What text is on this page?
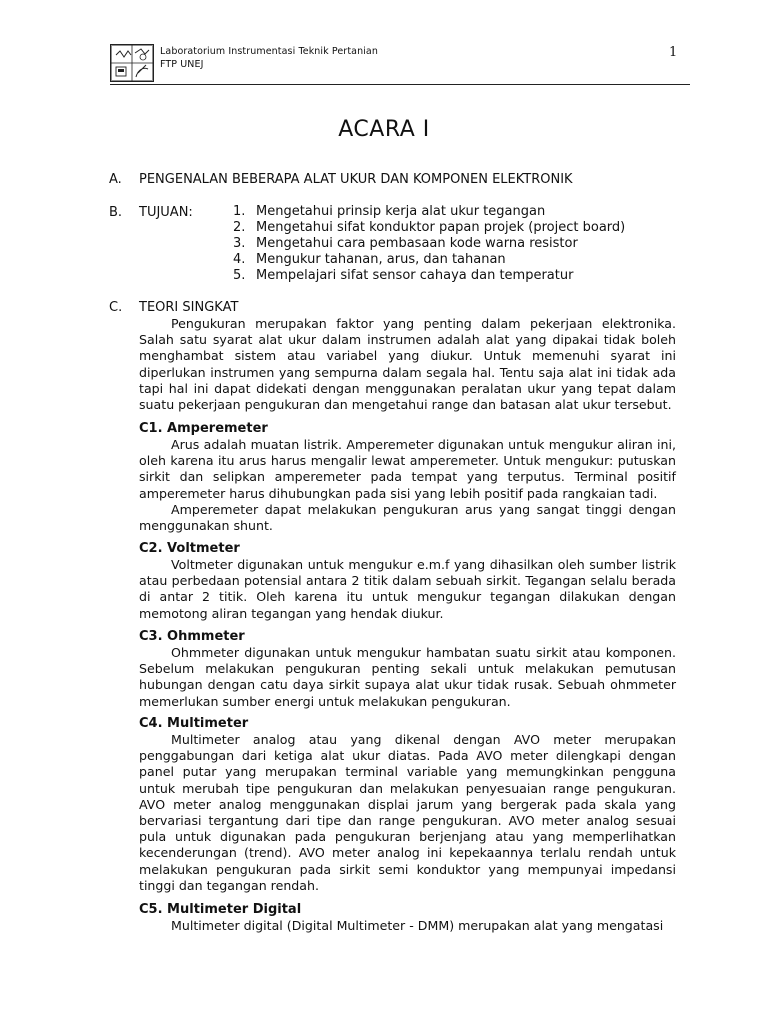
Laboratorium Instrumentasi Teknik Pertanian
FTP UNEJ
1
ACARA I
A. PENGENALAN BEBERAPA ALAT UKUR DAN KOMPONEN ELEKTRONIK
B. TUJUAN:	1. Mengetahui prinsip kerja alat ukur tegangan
2. Mengetahui sifat konduktor papan projek (project board)
3. Mengetahui cara pembasaan kode warna resistor
4. Mengukur tahanan, arus, dan tahanan
5. Mempelajari sifat sensor cahaya dan temperatur
C. TEORI SINGKAT

Pengukuran merupakan faktor yang penting dalam pekerjaan elektronika. Salah satu syarat alat ukur dalam instrumen adalah alat yang dipakai tidak boleh menghambat sistem atau variabel yang diukur. Untuk memenuhi syarat ini diperlukan instrumen yang sempurna dalam segala hal. Tentu saja alat ini tidak ada tapi hal ini dapat didekati dengan menggunakan peralatan ukur yang tepat dalam suatu pekerjaan pengukuran dan mengetahui range dan batasan alat ukur tersebut.

C1. Amperemeter

Arus adalah muatan listrik. Amperemeter digunakan untuk mengukur aliran ini, oleh karena itu arus harus mengalir lewat amperemeter. Untuk mengukur: putuskan sirkit dan selipkan amperemeter pada tempat yang terputus. Terminal positif amperemeter harus dihubungkan pada sisi yang lebih positif pada rangkaian tadi.

Amperemeter dapat melakukan pengukuran arus yang sangat tinggi dengan menggunakan shunt.

C2. Voltmeter

Voltmeter digunakan untuk mengukur e.m.f yang dihasilkan oleh sumber listrik atau perbedaan potensial antara 2 titik dalam sebuah sirkit. Tegangan selalu berada di antar 2 titik. Oleh karena itu untuk mengukur tegangan dilakukan dengan memotong aliran tegangan yang hendak diukur.

C3. Ohmmeter

Ohmmeter digunakan untuk mengukur hambatan suatu sirkit atau komponen. Sebelum melakukan pengukuran penting sekali untuk melakukan pemutusan hubungan dengan catu daya sirkit supaya alat ukur tidak rusak. Sebuah ohmmeter memerlukan sumber energi untuk melakukan pengukuran.

C4. Multimeter

Multimeter analog atau yang dikenal dengan AVO meter merupakan penggabungan dari ketiga alat ukur diatas. Pada AVO meter dilengkapi dengan panel putar yang merupakan terminal variable yang memungkinkan pengguna untuk merubah tipe pengukuran dan melakukan penyesuaian range pengukuran. AVO meter analog menggunakan displai jarum yang bergerak pada skala yang bervariasi tergantung dari tipe dan range pengukuran. AVO meter analog sesuai pula untuk digunakan pada pengukuran berjenjang atau yang memperlihatkan kecenderungan (trend). AVO meter analog ini kepekaannya terlalu rendah untuk melakukan pengukuran pada sirkit semi konduktor yang mempunyai impedansi tinggi dan tegangan rendah.

C5. Multimeter Digital

Multimeter digital (Digital Multimeter - DMM) merupakan alat yang mengatasi
